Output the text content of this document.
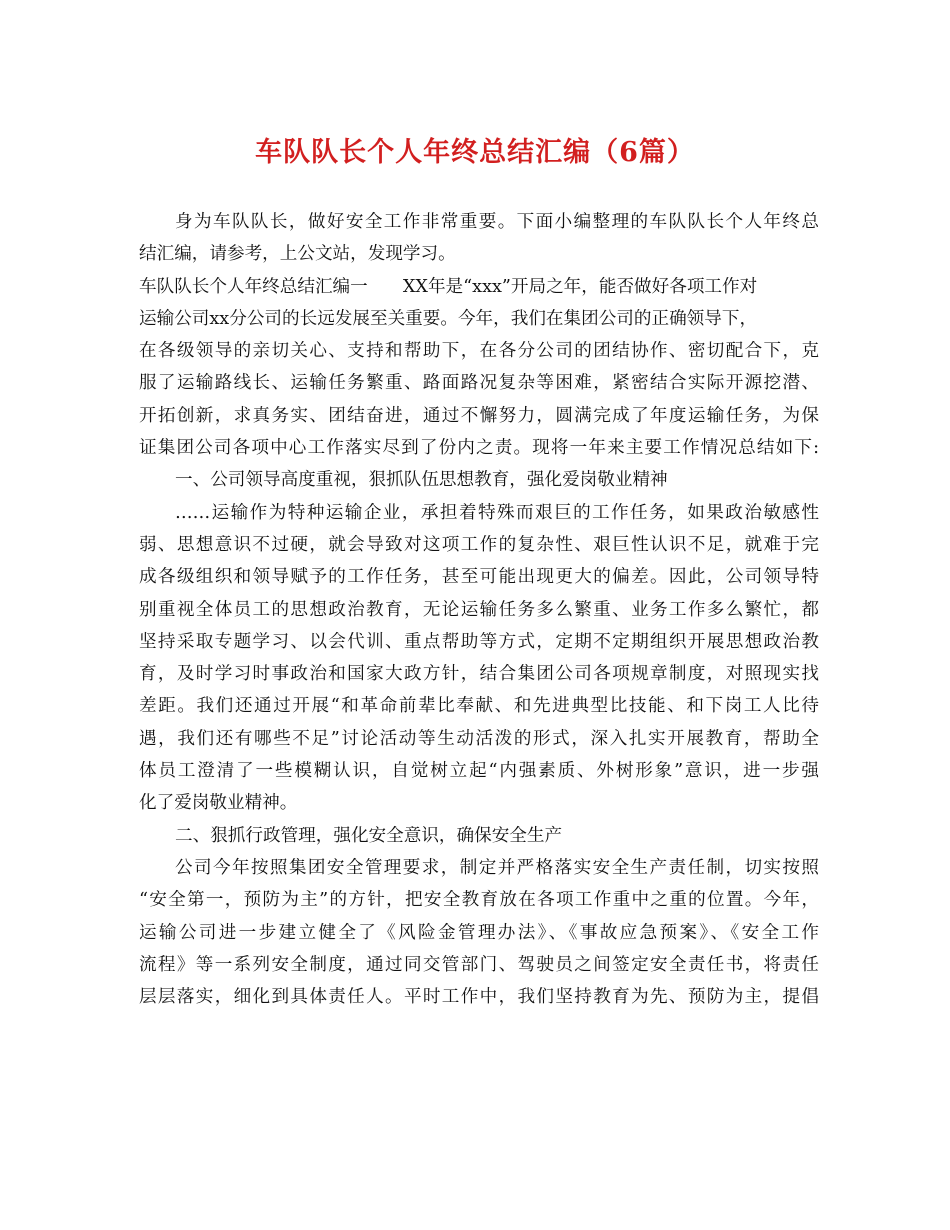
车队队长个人年终总结汇编（6篇）
身为车队队长，做好安全工作非常重要。下面小编整理的车队队长个人年终总
结汇编，请参考，上公文站，发现学习。
车队队长个人年终总结汇编一　　XX年是“xxx”开局之年，能否做好各项工作对
运输公司xx分公司的长远发展至关重要。今年，我们在集团公司的正确领导下，
在各级领导的亲切关心、支持和帮助下，在各分公司的团结协作、密切配合下，克
服了运输路线长、运输任务繁重、路面路况复杂等困难，紧密结合实际开源挖潜、
开拓创新，求真务实、团结奋进，通过不懈努力，圆满完成了年度运输任务，为保
证集团公司各项中心工作落实尽到了份内之责。现将一年来主要工作情况总结如下:
一、公司领导高度重视，狠抓队伍思想教育，强化爱岗敬业精神
……运输作为特种运输企业，承担着特殊而艰巨的工作任务，如果政治敏感性
弱、思想意识不过硬，就会导致对这项工作的复杂性、艰巨性认识不足，就难于完
成各级组织和领导赋予的工作任务，甚至可能出现更大的偏差。因此，公司领导特
别重视全体员工的思想政治教育，无论运输任务多么繁重、业务工作多么繁忙，都
坚持采取专题学习、以会代训、重点帮助等方式，定期不定期组织开展思想政治教
育，及时学习时事政治和国家大政方针，结合集团公司各项规章制度，对照现实找
差距。我们还通过开展“和革命前辈比奉献、和先进典型比技能、和下岗工人比待
遇，我们还有哪些不足”讨论活动等生动活泼的形式，深入扎实开展教育，帮助全
体员工澄清了一些模糊认识，自觉树立起“内强素质、外树形象”意识，进一步强
化了爱岗敬业精神。
二、狠抓行政管理，强化安全意识，确保安全生产
公司今年按照集团安全管理要求，制定并严格落实安全生产责任制，切实按照
“安全第一，预防为主”的方针，把安全教育放在各项工作重中之重的位置。今年，
运输公司进一步建立健全了《风险金管理办法》、《事故应急预案》、《安全工作
流程》等一系列安全制度，通过同交管部门、驾驶员之间签定安全责任书，将责任
层层落实，细化到具体责任人。平时工作中，我们坚持教育为先、预防为主，提倡
